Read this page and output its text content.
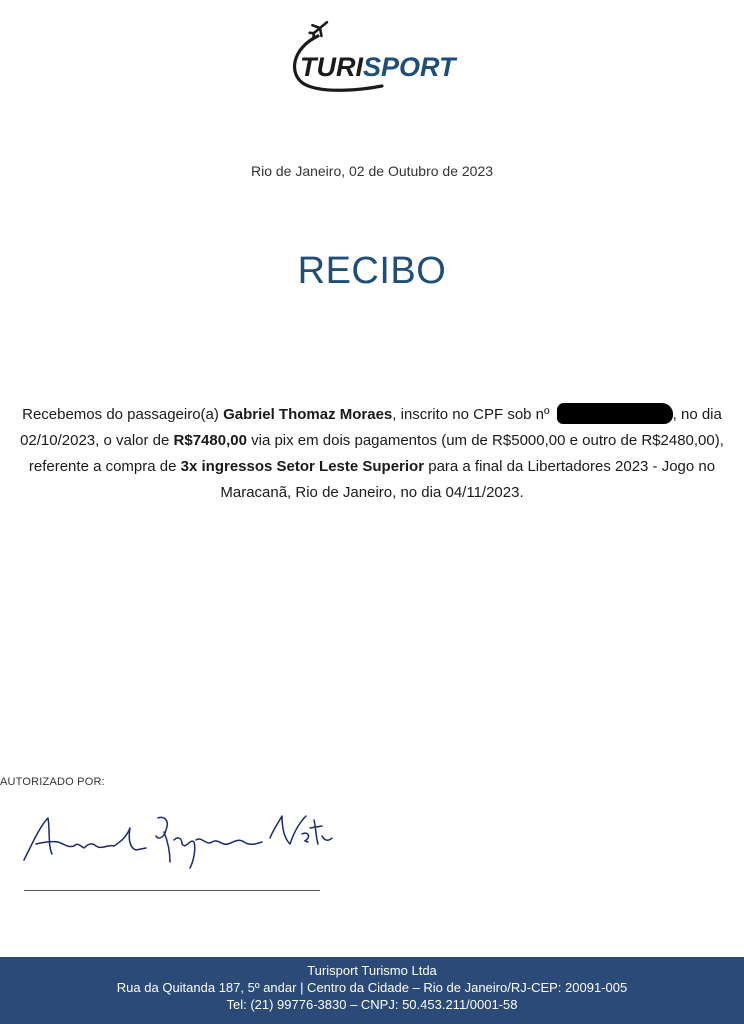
TURISPORT
Rio de Janeiro, 02 de Outubro de 2023
RECIBO
Recebemos do passageiro(a) Gabriel Thomaz Moraes, inscrito no CPF sob nº	, no dia 02/10/2023, o valor de R$7480,00 via pix em dois pagamentos (um de R$5000,00 e outro de R$2480,00), referente a compra de 3x ingressos Setor Leste Superior para a final da Libertadores 2023 - Jogo no Maracanã, Rio de Janeiro, no dia 04/11/2023.
AUTORIZADO POR:
Turisport Turismo Ltda
Rua da Quitanda 187, 5º andar | Centro da Cidade – Rio de Janeiro/RJ-CEP: 20091-005
Tel: (21) 99776-3830 – CNPJ: 50.453.211/0001-58
